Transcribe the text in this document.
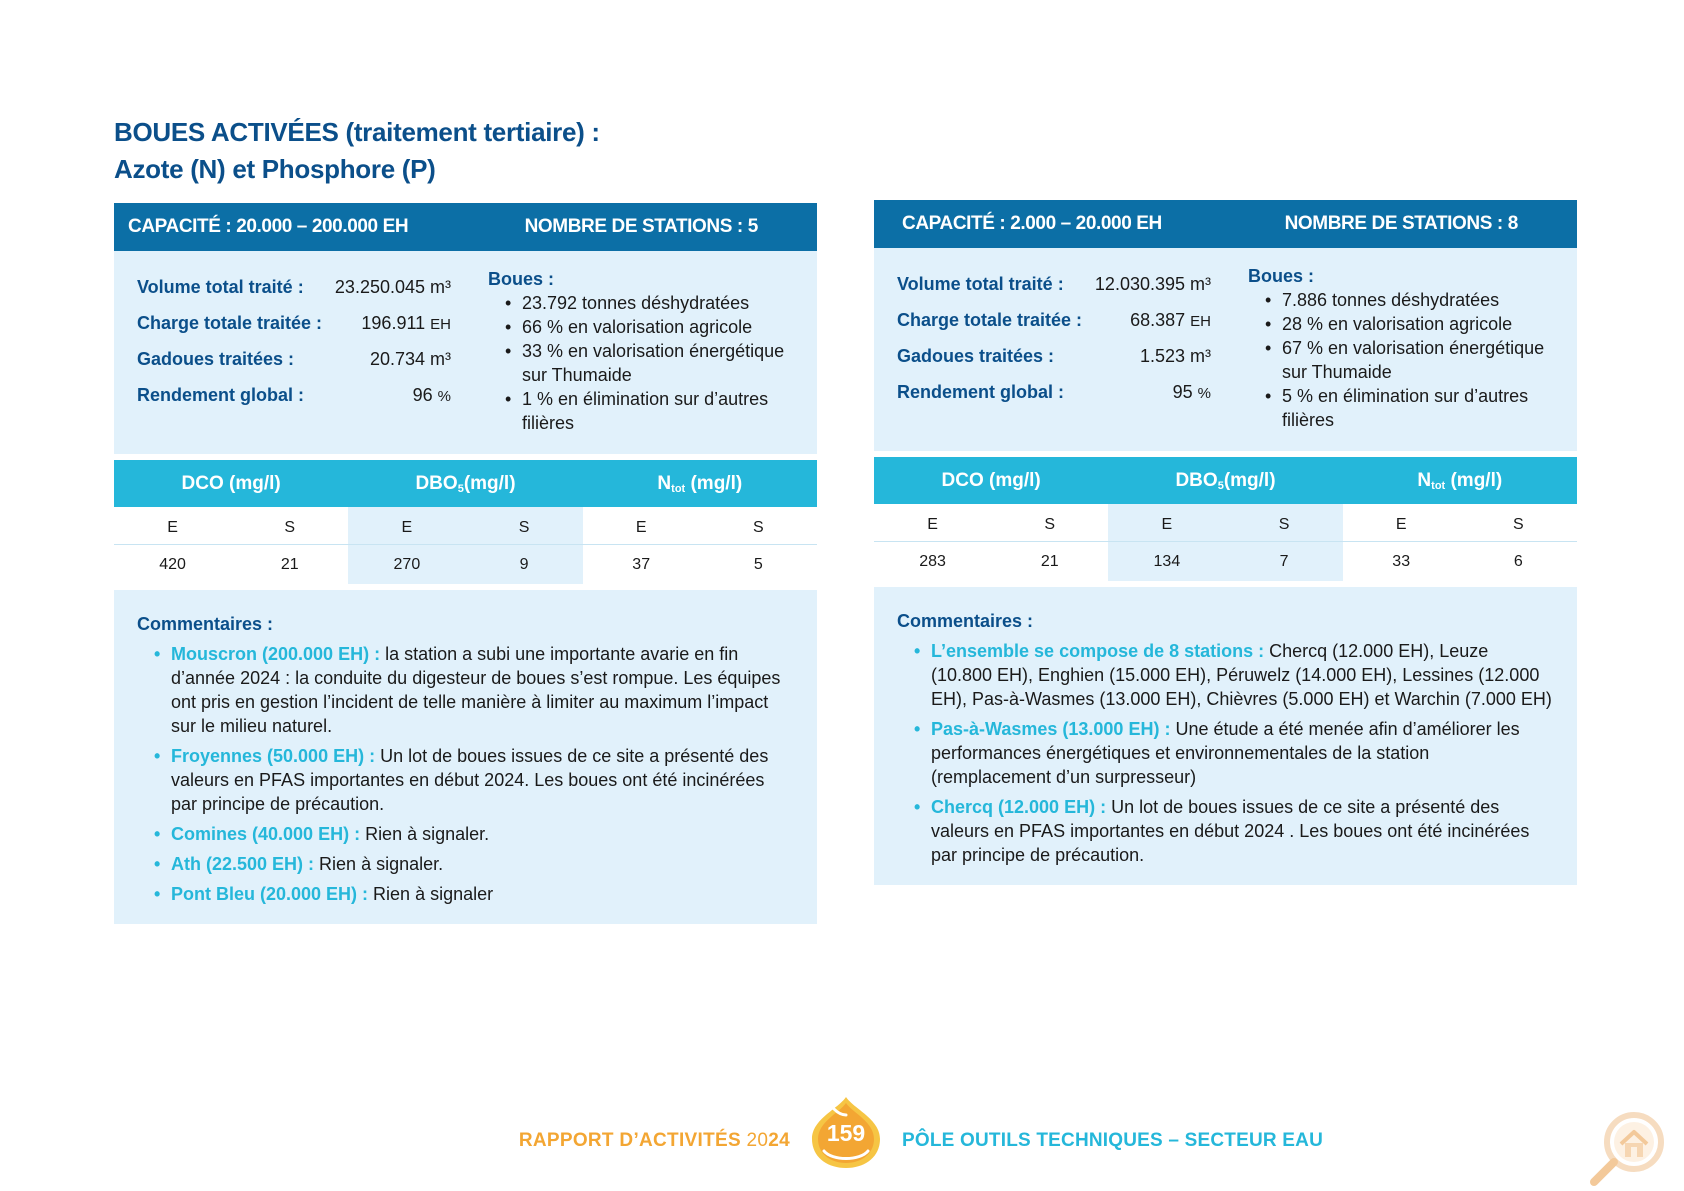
BOUES ACTIVÉES (traitement tertiaire) :
Azote (N) et Phosphore (P)
CAPACITÉ : 20.000 – 200.000 EH	NOMBRE DE STATIONS : 5
Volume total traité : 23.250.045 m³
Charge totale traitée : 196.911 EH
Gadoues traitées :	20.734 m³
Rendement global :	96 %
Boues :
• 23.792 tonnes déshydratées
• 66 % en valorisation agricole
• 33 % en valorisation énergétique sur Thumaide
• 1 % en élimination sur d’autres filières
DCO (mg/l)	$DBO_5(mg/l)$	$N_{tot}$ (mg/l)
E	S	E	S	E	S
420	21	270	9	37	5
Commentaires :
• Mouscron (200.000 EH) : la station a subi une importante avarie en fin d’année 2024 : la conduite du digesteur de boues s’est rompue. Les équipes ont pris en gestion l’incident de telle manière à limiter au maximum l’impact sur le milieu naturel.
• Froyennes (50.000 EH) : Un lot de boues issues de ce site a présenté des valeurs en PFAS importantes en début 2024. Les boues ont été incinérées par principe de précaution.
• Comines (40.000 EH) : Rien à signaler.
• Ath (22.500 EH) : Rien à signaler.
• Pont Bleu (20.000 EH) : Rien à signaler
CAPACITÉ : 2.000 – 20.000 EH	NOMBRE DE STATIONS : 8
Volume total traité : 12.030.395 m³
Charge totale traitée :	68.387 EH
Gadoues traitées :	1.523 m³
Rendement global :	95 %
Boues :
• 7.886 tonnes déshydratées
• 28 % en valorisation agricole
• 67 % en valorisation énergétique sur Thumaide
• 5 % en élimination sur d’autres filières
DCO (mg/l)	$DBO_5(mg/l)$	$N_{tot}$ (mg/l)
E	S	E	S	E	S
283	21	134	7	33	6
Commentaires :
• L’ensemble se compose de 8 stations : Chercq (12.000 EH), Leuze (10.800 EH), Enghien (15.000 EH), Péruwelz (14.000 EH), Lessines (12.000 EH), Pas-à-Wasmes (13.000 EH), Chièvres (5.000 EH) et Warchin (7.000 EH)
• Pas-à-Wasmes (13.000 EH) : Une étude a été menée afin d’améliorer les performances énergétiques et environnementales de la station (remplacement d’un surpresseur)
• Chercq (12.000 EH) : Un lot de boues issues de ce site a présenté des valeurs en PFAS importantes en début 2024 . Les boues ont été incinérées par principe de précaution.
RAPPORT D’ACTIVITÉS 2024	159	PÔLE OUTILS TECHNIQUES – SECTEUR EAU
